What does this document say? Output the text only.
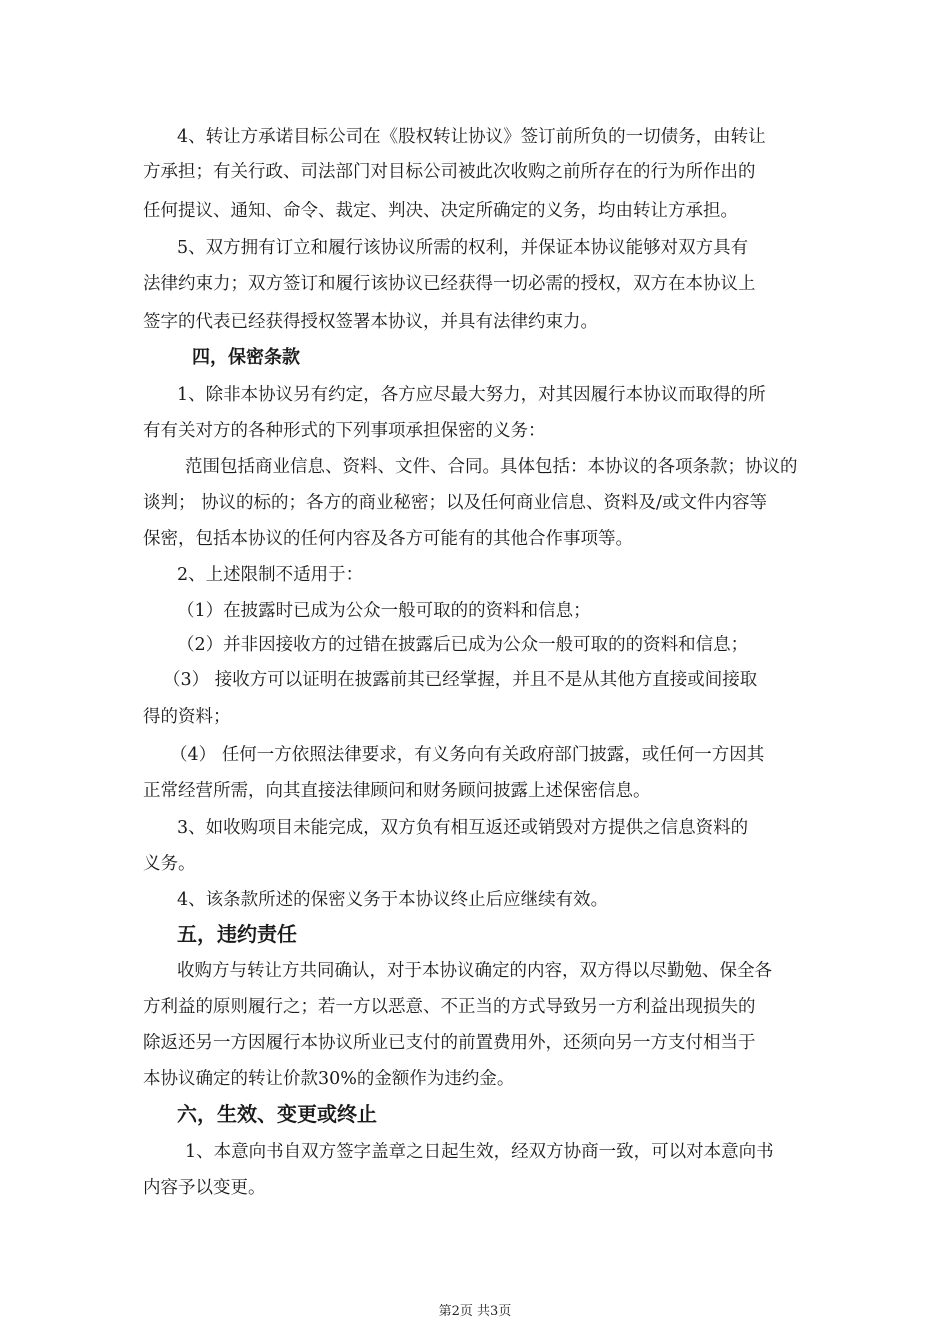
4、转让方承诺目标公司在《股权转让协议》签订前所负的一切债务，由转让
方承担；有关行政、司法部门对目标公司被此次收购之前所存在的行为所作出的
任何提议、通知、命令、裁定、判决、决定所确定的义务，均由转让方承担。
5、双方拥有订立和履行该协议所需的权利，并保证本协议能够对双方具有
法律约束力；双方签订和履行该协议已经获得一切必需的授权，双方在本协议上
签字的代表已经获得授权签署本协议，并具有法律约束力。
四，保密条款
1、除非本协议另有约定，各方应尽最大努力，对其因履行本协议而取得的所
有有关对方的各种形式的下列事项承担保密的义务：
范围包括商业信息、资料、文件、合同。具体包括：本协议的各项条款；协议的
谈判； 协议的标的；各方的商业秘密；以及任何商业信息、资料及/或文件内容等
保密，包括本协议的任何内容及各方可能有的其他合作事项等。
2、上述限制不适用于：
（1）在披露时已成为公众一般可取的的资料和信息；
（2）并非因接收方的过错在披露后已成为公众一般可取的的资料和信息；
（3） 接收方可以证明在披露前其已经掌握，并且不是从其他方直接或间接取
得的资料；
（4） 任何一方依照法律要求，有义务向有关政府部门披露，或任何一方因其
正常经营所需，向其直接法律顾问和财务顾问披露上述保密信息。
3、如收购项目未能完成，双方负有相互返还或销毁对方提供之信息资料的
义务。
4、该条款所述的保密义务于本协议终止后应继续有效。
五，违约责任
收购方与转让方共同确认，对于本协议确定的内容，双方得以尽勤勉、保全各
方利益的原则履行之；若一方以恶意、不正当的方式导致另一方利益出现损失的
除返还另一方因履行本协议所业已支付的前置费用外，还须向另一方支付相当于
本协议确定的转让价款30%的金额作为违约金。
六，生效、变更或终止
1、本意向书自双方签字盖章之日起生效，经双方协商一致，可以对本意向书
内容予以变更。
第2页 共3页
